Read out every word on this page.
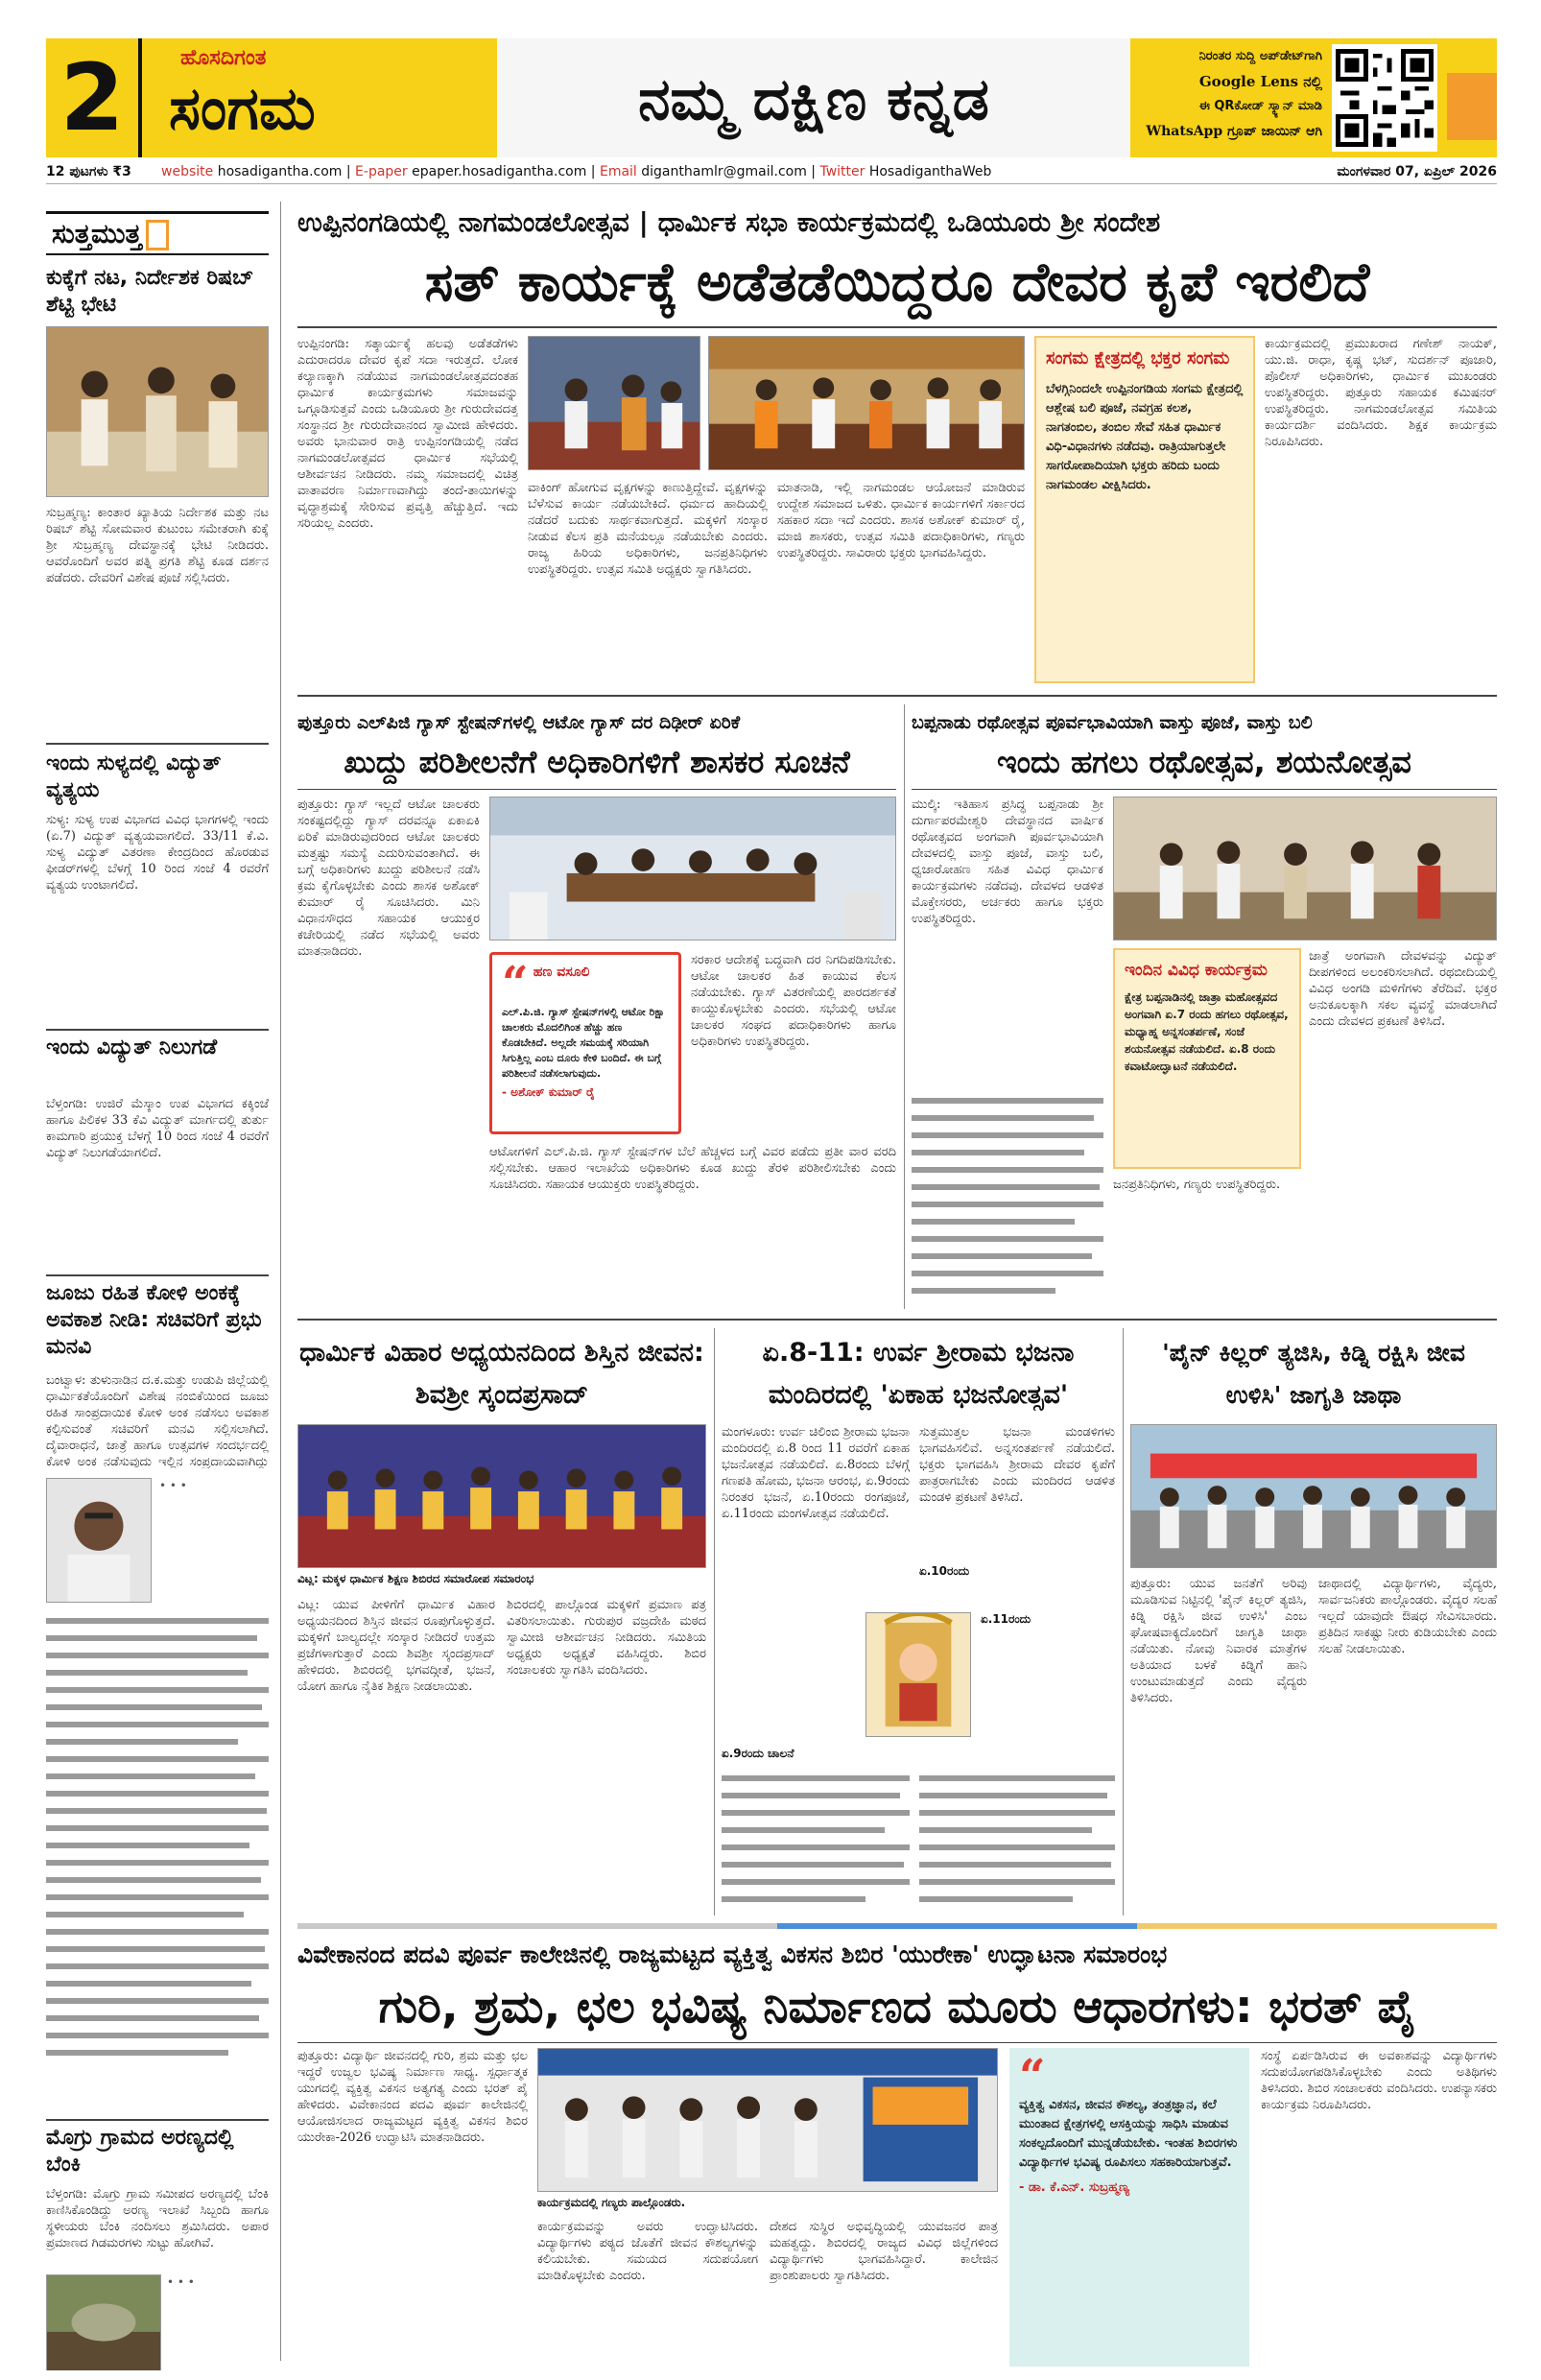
2	ಹೊಸದಿಗಂತ
ಸಂಗಮ	ನಮ್ಮ ದಕ್ಷಿಣ ಕನ್ನಡ
ನಿರಂತರ ಸುದ್ದಿ ಅಪ್‌ಡೇಟ್‌ಗಾಗಿ
Google Lens ನಲ್ಲಿ
ಈ QRಕೋಡ್ ಸ್ಕ್ಯಾನ್ ಮಾಡಿ
WhatsApp ಗ್ರೂಪ್ ಜಾಯಿನ್ ಆಗಿ
12 ಪುಟಗಳು ₹3	website hosadigantha.com | E-paper epaper.hosadigantha.com | Email diganthamlr@gmail.com | Twitter HosadiganthaWeb	ಮಂಗಳವಾರ 07, ಏಪ್ರಿಲ್ 2026
ಸುತ್ತಮುತ್ತ
ಕುಕ್ಕೆಗೆ ನಟ, ನಿರ್ದೇಶಕ ರಿಷಬ್ ಶೆಟ್ಟಿ ಭೇಟಿ
ಸುಬ್ರಹ್ಮಣ್ಯ: ಕಾಂತಾರ ಖ್ಯಾತಿಯ ನಿರ್ದೇಶಕ ಮತ್ತು ನಟ ರಿಷಬ್ ಶೆಟ್ಟಿ ಸೋಮವಾರ ಕುಟುಂಬ ಸಮೇತರಾಗಿ ಕುಕ್ಕೆ ಶ್ರೀ ಸುಬ್ರಹ್ಮಣ್ಯ ದೇವಸ್ಥಾನಕ್ಕೆ ಭೇಟಿ ನೀಡಿದರು. ಆವರೊಂದಿಗೆ ಅವರ ಪತ್ನಿ ಪ್ರಗತಿ ಶೆಟ್ಟಿ ಕೂಡ ದರ್ಶನ ಪಡೆದರು. ದೇವರಿಗೆ ವಿಶೇಷ ಪೂಜೆ ಸಲ್ಲಿಸಿದರು.
ಇಂದು ಸುಳ್ಯದಲ್ಲಿ ವಿದ್ಯುತ್ ವ್ಯತ್ಯಯ
ಸುಳ್ಯ: ಸುಳ್ಯ ಉಪ ವಿಭಾಗದ ವಿವಿಧ ಭಾಗಗಳಲ್ಲಿ ಇಂದು (ಏ.7) ವಿದ್ಯುತ್ ವ್ಯತ್ಯಯವಾಗಲಿದೆ. 33/11 ಕೆ.ವಿ. ಸುಳ್ಯ ವಿದ್ಯುತ್ ವಿತರಣಾ ಕೇಂದ್ರದಿಂದ ಹೊರಡುವ ಫೀಡರ್‌ಗಳಲ್ಲಿ ಬೆಳಗ್ಗೆ 10 ರಿಂದ ಸಂಜೆ 4 ರವರೆಗೆ ವ್ಯತ್ಯಯ ಉಂಟಾಗಲಿದೆ.
ಇಂದು ವಿದ್ಯುತ್ ನಿಲುಗಡೆ
ಬೆಳ್ತಂಗಡಿ: ಉಜಿರೆ ಮೆಸ್ಕಾಂ ಉಪ ವಿಭಾಗದ ಕಕ್ಕಿಂಜೆ ಹಾಗೂ ಪಿಲಿಕಳ 33 ಕೆವಿ ವಿದ್ಯುತ್ ಮಾರ್ಗದಲ್ಲಿ ತುರ್ತು ಕಾಮಗಾರಿ ಪ್ರಯುಕ್ತ ಬೆಳಗ್ಗೆ 10 ರಿಂದ ಸಂಜೆ 4 ರವರೆಗೆ ವಿದ್ಯುತ್ ನಿಲುಗಡೆಯಾಗಲಿದೆ.
ಜೂಜು ರಹಿತ ಕೋಳಿ ಅಂಕಕ್ಕೆ ಅವಕಾಶ ನೀಡಿ: ಸಚಿವರಿಗೆ ಪ್ರಭು ಮನವಿ
ಬಂಟ್ವಾಳ: ತುಳುನಾಡಿನ ದ.ಕ.ಮತ್ತು ಉಡುಪಿ ಜಿಲ್ಲೆಯಲ್ಲಿ ಧಾರ್ಮಿಕತೆಯೊಂದಿಗೆ ವಿಶೇಷ ನಂಬಿಕೆಯಿಂದ ಜೂಜು ರಹಿತ ಸಾಂಪ್ರದಾಯಿಕ ಕೋಳಿ ಅಂಕ ನಡೆಸಲು ಅವಕಾಶ ಕಲ್ಪಿಸುವಂತೆ ಸಚಿವರಿಗೆ ಮನವಿ ಸಲ್ಲಿಸಲಾಗಿದೆ. ದೈವಾರಾಧನೆ, ಜಾತ್ರೆ ಹಾಗೂ ಉತ್ಸವಗಳ ಸಂದರ್ಭದಲ್ಲಿ ಕೋಳಿ ಅಂಕ ನಡೆಸುವುದು ಇಲ್ಲಿನ ಸಂಪ್ರದಾಯವಾಗಿದ್ದು
• • •
ಮೊಗ್ರು ಗ್ರಾಮದ ಅರಣ್ಯದಲ್ಲಿ ಬೆಂಕಿ
ಬೆಳ್ತಂಗಡಿ: ಮೊಗ್ರು ಗ್ರಾಮ ಸಮೀಪದ ಅರಣ್ಯದಲ್ಲಿ ಬೆಂಕಿ ಕಾಣಿಸಿಕೊಂಡಿದ್ದು ಅರಣ್ಯ ಇಲಾಖೆ ಸಿಬ್ಬಂದಿ ಹಾಗೂ ಸ್ಥಳೀಯರು ಬೆಂಕಿ ನಂದಿಸಲು ಶ್ರಮಿಸಿದರು. ಅಪಾರ ಪ್ರಮಾಣದ ಗಿಡಮರಗಳು ಸುಟ್ಟು ಹೋಗಿವೆ.
• • •
ಉಪ್ಪಿನಂಗಡಿಯಲ್ಲಿ ನಾಗಮಂಡಲೋತ್ಸವ | ಧಾರ್ಮಿಕ ಸಭಾ ಕಾರ್ಯಕ್ರಮದಲ್ಲಿ ಒಡಿಯೂರು ಶ್ರೀ ಸಂದೇಶ
ಸತ್ ಕಾರ್ಯಕ್ಕೆ ಅಡೆತಡೆಯಿದ್ದರೂ ದೇವರ ಕೃಪೆ ಇರಲಿದೆ
ಉಪ್ಪಿನಂಗಡಿ: ಸತ್ಕಾರ್ಯಕ್ಕೆ ಹಲವು ಅಡೆತಡೆಗಳು ಎದುರಾದರೂ ದೇವರ ಕೃಪೆ ಸದಾ ಇರುತ್ತದೆ. ಲೋಕ ಕಲ್ಯಾಣಕ್ಕಾಗಿ ನಡೆಯುವ ನಾಗಮಂಡಲೋತ್ಸವದಂತಹ ಧಾರ್ಮಿಕ ಕಾರ್ಯಕ್ರಮಗಳು ಸಮಾಜವನ್ನು ಒಗ್ಗೂಡಿಸುತ್ತವೆ ಎಂದು ಒಡಿಯೂರು ಶ್ರೀ ಗುರುದೇವದತ್ತ ಸಂಸ್ಥಾನದ ಶ್ರೀ ಗುರುದೇವಾನಂದ ಸ್ವಾಮೀಜಿ ಹೇಳಿದರು. ಅವರು ಭಾನುವಾರ ರಾತ್ರಿ ಉಪ್ಪಿನಂಗಡಿಯಲ್ಲಿ ನಡೆದ ನಾಗಮಂಡಲೋತ್ಸವದ ಧಾರ್ಮಿಕ ಸಭೆಯಲ್ಲಿ ಆಶೀರ್ವಚನ ನೀಡಿದರು. ನಮ್ಮ ಸಮಾಜದಲ್ಲಿ ವಿಚಿತ್ರ ವಾತಾವರಣ ನಿರ್ಮಾಣವಾಗಿದ್ದು ತಂದೆ-ತಾಯಿಗಳನ್ನು ವೃದ್ಧಾಶ್ರಮಕ್ಕೆ ಸೇರಿಸುವ ಪ್ರವೃತ್ತಿ ಹೆಚ್ಚುತ್ತಿದೆ. ಇದು ಸರಿಯಲ್ಲ ಎಂದರು.
ವಾಕಿಂಗ್ ಹೋಗುವ ವೃಕ್ಷಗಳನ್ನು ಕಾಣುತ್ತಿದ್ದೇವೆ. ವೃಕ್ಷಗಳನ್ನು ಬೆಳೆಸುವ ಕಾರ್ಯ ನಡೆಯಬೇಕಿದೆ. ಧರ್ಮದ ಹಾದಿಯಲ್ಲಿ ನಡೆದರೆ ಬದುಕು ಸಾರ್ಥಕವಾಗುತ್ತದೆ. ಮಕ್ಕಳಿಗೆ ಸಂಸ್ಕಾರ ನೀಡುವ ಕೆಲಸ ಪ್ರತಿ ಮನೆಯಲ್ಲೂ ನಡೆಯಬೇಕು ಎಂದರು. ರಾಜ್ಯ ಹಿರಿಯ ಅಧಿಕಾರಿಗಳು, ಜನಪ್ರತಿನಿಧಿಗಳು ಉಪಸ್ಥಿತರಿದ್ದರು. ಉತ್ಸವ ಸಮಿತಿ ಅಧ್ಯಕ್ಷರು ಸ್ವಾಗತಿಸಿದರು.
ಮಾತನಾಡಿ, ಇಲ್ಲಿ ನಾಗಮಂಡಲ ಆಯೋಜನೆ ಮಾಡಿರುವ ಉದ್ದೇಶ ಸಮಾಜದ ಒಳಿತು. ಧಾರ್ಮಿಕ ಕಾರ್ಯಗಳಿಗೆ ಸರ್ಕಾರದ ಸಹಕಾರ ಸದಾ ಇದೆ ಎಂದರು. ಶಾಸಕ ಅಶೋಕ್ ಕುಮಾರ್ ರೈ, ಮಾಜಿ ಶಾಸಕರು, ಉತ್ಸವ ಸಮಿತಿ ಪದಾಧಿಕಾರಿಗಳು, ಗಣ್ಯರು ಉಪಸ್ಥಿತರಿದ್ದರು. ಸಾವಿರಾರು ಭಕ್ತರು ಭಾಗವಹಿಸಿದ್ದರು.
ಸಂಗಮ ಕ್ಷೇತ್ರದಲ್ಲಿ ಭಕ್ತರ ಸಂಗಮ
ಬೆಳಗ್ಗಿನಿಂದಲೇ ಉಪ್ಪಿನಂಗಡಿಯ ಸಂಗಮ ಕ್ಷೇತ್ರದಲ್ಲಿ ಆಶ್ಲೇಷ ಬಲಿ ಪೂಜೆ, ನವಗ್ರಹ ಕಲಶ, ನಾಗತಂಬಿಲ, ತಂಬಿಲ ಸೇವೆ ಸಹಿತ ಧಾರ್ಮಿಕ ವಿಧಿ-ವಿಧಾನಗಳು ನಡೆದವು. ರಾತ್ರಿಯಾಗುತ್ತಲೇ ಸಾಗರೋಪಾದಿಯಾಗಿ ಭಕ್ತರು ಹರಿದು ಬಂದು ನಾಗಮಂಡಲ ವೀಕ್ಷಿಸಿದರು.
ಕಾರ್ಯಕ್ರಮದಲ್ಲಿ ಪ್ರಮುಖರಾದ ಗಣೇಶ್ ನಾಯಕ್, ಯು.ಜಿ. ರಾಧಾ, ಕೃಷ್ಣ ಭಟ್, ಸುದರ್ಶನ್ ಪೂಜಾರಿ, ಪೊಲೀಸ್ ಅಧಿಕಾರಿಗಳು, ಧಾರ್ಮಿಕ ಮುಖಂಡರು ಉಪಸ್ಥಿತರಿದ್ದರು. ಪುತ್ತೂರು ಸಹಾಯಕ ಕಮಿಷನರ್ ಉಪಸ್ಥಿತರಿದ್ದರು. ನಾಗಮಂಡಲೋತ್ಸವ ಸಮಿತಿಯ ಕಾರ್ಯದರ್ಶಿ ವಂದಿಸಿದರು. ಶಿಕ್ಷಕ ಕಾರ್ಯಕ್ರಮ ನಿರೂಪಿಸಿದರು.
ಪುತ್ತೂರು ಎಲ್‌ಪಿಜಿ ಗ್ಯಾಸ್ ಸ್ಟೇಷನ್‌ಗಳಲ್ಲಿ ಆಟೋ ಗ್ಯಾಸ್ ದರ ದಿಢೀರ್ ಏರಿಕೆ
ಖುದ್ದು ಪರಿಶೀಲನೆಗೆ ಅಧಿಕಾರಿಗಳಿಗೆ ಶಾಸಕರ ಸೂಚನೆ
ಪುತ್ತೂರು: ಗ್ಯಾಸ್ ಇಲ್ಲದೆ ಆಟೋ ಚಾಲಕರು ಸಂಕಷ್ಟದಲ್ಲಿದ್ದು ಗ್ಯಾಸ್ ದರವನ್ನೂ ಏಕಾಏಕಿ ಏರಿಕೆ ಮಾಡಿರುವುದರಿಂದ ಆಟೋ ಚಾಲಕರು ಮತ್ತಷ್ಟು ಸಮಸ್ಯೆ ಎದುರಿಸುವಂತಾಗಿದೆ. ಈ ಬಗ್ಗೆ ಅಧಿಕಾರಿಗಳು ಖುದ್ದು ಪರಿಶೀಲನೆ ನಡೆಸಿ ಕ್ರಮ ಕೈಗೊಳ್ಳಬೇಕು ಎಂದು ಶಾಸಕ ಅಶೋಕ್ ಕುಮಾರ್ ರೈ ಸೂಚಿಸಿದರು. ಮಿನಿ ವಿಧಾನಸೌಧದ ಸಹಾಯಕ ಆಯುಕ್ತರ ಕಚೇರಿಯಲ್ಲಿ ನಡೆದ ಸಭೆಯಲ್ಲಿ ಅವರು ಮಾತನಾಡಿದರು.
“ ಹಣ ವಸೂಲಿ
ಎಲ್.ಪಿ.ಜಿ. ಗ್ಯಾಸ್ ಸ್ಟೇಷನ್‌ಗಳಲ್ಲಿ ಆಟೋ ರಿಕ್ಷಾ ಚಾಲಕರು ಮೊದಲಿಗಿಂತ ಹೆಚ್ಚು ಹಣ ಕೊಡಬೇಕಿದೆ. ಅಲ್ಲದೇ ಸಮಯಕ್ಕೆ ಸರಿಯಾಗಿ ಸಿಗುತ್ತಿಲ್ಲ ಎಂಬ ದೂರು ಕೇಳಿ ಬಂದಿದೆ. ಈ ಬಗ್ಗೆ ಪರಿಶೀಲನೆ ನಡೆಸಲಾಗುವುದು.
- ಅಶೋಕ್ ಕುಮಾರ್ ರೈ
ಸರಕಾರ ಆದೇಶಕ್ಕೆ ಬದ್ಧವಾಗಿ ದರ ನಿಗದಿಪಡಿಸಬೇಕು. ಆಟೋ ಚಾಲಕರ ಹಿತ ಕಾಯುವ ಕೆಲಸ ನಡೆಯಬೇಕು. ಗ್ಯಾಸ್ ವಿತರಣೆಯಲ್ಲಿ ಪಾರದರ್ಶಕತೆ ಕಾಯ್ದುಕೊಳ್ಳಬೇಕು ಎಂದರು. ಸಭೆಯಲ್ಲಿ ಆಟೋ ಚಾಲಕರ ಸಂಘದ ಪದಾಧಿಕಾರಿಗಳು ಹಾಗೂ ಅಧಿಕಾರಿಗಳು ಉಪಸ್ಥಿತರಿದ್ದರು.
ಆಟೋಗಳಿಗೆ ಎಲ್.ಪಿ.ಜಿ. ಗ್ಯಾಸ್ ಸ್ಟೇಷನ್‌ಗಳ ಬೆಲೆ ಹೆಚ್ಚಳದ ಬಗ್ಗೆ ವಿವರ ಪಡೆದು ಪ್ರತೀ ವಾರ ವರದಿ ಸಲ್ಲಿಸಬೇಕು. ಆಹಾರ ಇಲಾಖೆಯ ಅಧಿಕಾರಿಗಳು ಕೂಡ ಖುದ್ದು ತೆರಳಿ ಪರಿಶೀಲಿಸಬೇಕು ಎಂದು ಸೂಚಿಸಿದರು. ಸಹಾಯಕ ಆಯುಕ್ತರು ಉಪಸ್ಥಿತರಿದ್ದರು.
ಬಪ್ಪನಾಡು ರಥೋತ್ಸವ ಪೂರ್ವಭಾವಿಯಾಗಿ ವಾಸ್ತು ಪೂಜೆ, ವಾಸ್ತು ಬಲಿ
ಇಂದು ಹಗಲು ರಥೋತ್ಸವ, ಶಯನೋತ್ಸವ
ಮುಲ್ಕಿ: ಇತಿಹಾಸ ಪ್ರಸಿದ್ಧ ಬಪ್ಪನಾಡು ಶ್ರೀ ದುರ್ಗಾಪರಮೇಶ್ವರಿ ದೇವಸ್ಥಾನದ ವಾರ್ಷಿಕ ರಥೋತ್ಸವದ ಅಂಗವಾಗಿ ಪೂರ್ವಭಾವಿಯಾಗಿ ದೇವಳದಲ್ಲಿ ವಾಸ್ತು ಪೂಜೆ, ವಾಸ್ತು ಬಲಿ, ಧ್ವಜಾರೋಹಣ ಸಹಿತ ವಿವಿಧ ಧಾರ್ಮಿಕ ಕಾರ್ಯಕ್ರಮಗಳು ನಡೆದವು. ದೇವಳದ ಆಡಳಿತ ಮೊಕ್ತೇಸರರು, ಅರ್ಚಕರು ಹಾಗೂ ಭಕ್ತರು ಉಪಸ್ಥಿತರಿದ್ದರು.
ಇಂದಿನ ವಿವಿಧ ಕಾರ್ಯಕ್ರಮ
ಕ್ಷೇತ್ರ ಬಪ್ಪನಾಡಿನಲ್ಲಿ ಜಾತ್ರಾ ಮಹೋತ್ಸವದ ಅಂಗವಾಗಿ ಏ.7 ರಂದು ಹಗಲು ರಥೋತ್ಸವ, ಮಧ್ಯಾಹ್ನ ಅನ್ನಸಂತರ್ಪಣೆ, ಸಂಜೆ ಶಯನೋತ್ಸವ ನಡೆಯಲಿದೆ. ಏ.8 ರಂದು ಕವಾಟೋದ್ಘಾಟನೆ ನಡೆಯಲಿದೆ.
ಜಾತ್ರೆ ಅಂಗವಾಗಿ ದೇವಳವನ್ನು ವಿದ್ಯುತ್ ದೀಪಗಳಿಂದ ಅಲಂಕರಿಸಲಾಗಿದೆ. ರಥಬೀದಿಯಲ್ಲಿ ವಿವಿಧ ಅಂಗಡಿ ಮಳಿಗೆಗಳು ತೆರೆದಿವೆ. ಭಕ್ತರ ಅನುಕೂಲಕ್ಕಾಗಿ ಸಕಲ ವ್ಯವಸ್ಥೆ ಮಾಡಲಾಗಿದೆ ಎಂದು ದೇವಳದ ಪ್ರಕಟಣೆ ತಿಳಿಸಿದೆ.
ಜನಪ್ರತಿನಿಧಿಗಳು, ಗಣ್ಯರು ಉಪಸ್ಥಿತರಿದ್ದರು.
ಧಾರ್ಮಿಕ ವಿಹಾರ ಅಧ್ಯಯನದಿಂದ ಶಿಸ್ತಿನ ಜೀವನ: ಶಿವಶ್ರೀ ಸ್ಕಂದಪ್ರಸಾದ್
ವಿಟ್ಲ: ಮಕ್ಕಳ ಧಾರ್ಮಿಕ ಶಿಕ್ಷಣ ಶಿಬಿರದ ಸಮಾರೋಪ ಸಮಾರಂಭ
ವಿಟ್ಲ: ಯುವ ಪೀಳಿಗೆಗೆ ಧಾರ್ಮಿಕ ವಿಹಾರ ಅಧ್ಯಯನದಿಂದ ಶಿಸ್ತಿನ ಜೀವನ ರೂಪುಗೊಳ್ಳುತ್ತದೆ. ಮಕ್ಕಳಿಗೆ ಬಾಲ್ಯದಲ್ಲೇ ಸಂಸ್ಕಾರ ನೀಡಿದರೆ ಉತ್ತಮ ಪ್ರಜೆಗಳಾಗುತ್ತಾರೆ ಎಂದು ಶಿವಶ್ರೀ ಸ್ಕಂದಪ್ರಸಾದ್ ಹೇಳಿದರು. ಶಿಬಿರದಲ್ಲಿ ಭಗವದ್ಗೀತೆ, ಭಜನೆ, ಯೋಗ ಹಾಗೂ ನೈತಿಕ ಶಿಕ್ಷಣ ನೀಡಲಾಯಿತು.
ಶಿಬಿರದಲ್ಲಿ ಪಾಲ್ಗೊಂಡ ಮಕ್ಕಳಿಗೆ ಪ್ರಮಾಣ ಪತ್ರ ವಿತರಿಸಲಾಯಿತು. ಗುರುಪುರ ವಜ್ರದೇಹಿ ಮಠದ ಸ್ವಾಮೀಜಿ ಆಶೀರ್ವಚನ ನೀಡಿದರು. ಸಮಿತಿಯ ಅಧ್ಯಕ್ಷರು ಅಧ್ಯಕ್ಷತೆ ವಹಿಸಿದ್ದರು. ಶಿಬಿರ ಸಂಚಾಲಕರು ಸ್ವಾಗತಿಸಿ ವಂದಿಸಿದರು.
ಏ.8-11: ಉರ್ವ ಶ್ರೀರಾಮ ಭಜನಾ ಮಂದಿರದಲ್ಲಿ 'ಏಕಾಹ ಭಜನೋತ್ಸವ'
ಮಂಗಳೂರು: ಉರ್ವ ಚಿಲಿಂಬಿ ಶ್ರೀರಾಮ ಭಜನಾ ಮಂದಿರದಲ್ಲಿ ಏ.8 ರಿಂದ 11 ರವರೆಗೆ ಏಕಾಹ ಭಜನೋತ್ಸವ ನಡೆಯಲಿದೆ. ಏ.8ರಂದು ಬೆಳಗ್ಗೆ ಗಣಪತಿ ಹೋಮ, ಭಜನಾ ಆರಂಭ, ಏ.9ರಂದು ನಿರಂತರ ಭಜನೆ, ಏ.10ರಂದು ರಂಗಪೂಜೆ, ಏ.11ರಂದು ಮಂಗಳೋತ್ಸವ ನಡೆಯಲಿದೆ.
ಸುತ್ತಮುತ್ತಲ ಭಜನಾ ಮಂಡಳಿಗಳು ಭಾಗವಹಿಸಲಿವೆ. ಅನ್ನಸಂತರ್ಪಣೆ ನಡೆಯಲಿದೆ. ಭಕ್ತರು ಭಾಗವಹಿಸಿ ಶ್ರೀರಾಮ ದೇವರ ಕೃಪೆಗೆ ಪಾತ್ರರಾಗಬೇಕು ಎಂದು ಮಂದಿರದ ಆಡಳಿತ ಮಂಡಳಿ ಪ್ರಕಟಣೆ ತಿಳಿಸಿದೆ.
ಏ.10ರಂದು
ಏ.11ರಂದು
ಏ.9ರಂದು ಚಾಲನೆ
'ಪೈನ್ ಕಿಲ್ಲರ್ ತ್ಯಜಿಸಿ, ಕಿಡ್ನಿ ರಕ್ಷಿಸಿ ಜೀವ ಉಳಿಸಿ' ಜಾಗೃತಿ ಜಾಥಾ
ಪುತ್ತೂರು: ಯುವ ಜನತೆಗೆ ಅರಿವು ಮೂಡಿಸುವ ನಿಟ್ಟಿನಲ್ಲಿ 'ಪೈನ್ ಕಿಲ್ಲರ್ ತ್ಯಜಿಸಿ, ಕಿಡ್ನಿ ರಕ್ಷಿಸಿ ಜೀವ ಉಳಿಸಿ' ಎಂಬ ಘೋಷವಾಕ್ಯದೊಂದಿಗೆ ಜಾಗೃತಿ ಜಾಥಾ ನಡೆಯಿತು. ನೋವು ನಿವಾರಕ ಮಾತ್ರೆಗಳ ಅತಿಯಾದ ಬಳಕೆ ಕಿಡ್ನಿಗೆ ಹಾನಿ ಉಂಟುಮಾಡುತ್ತದೆ ಎಂದು ವೈದ್ಯರು ತಿಳಿಸಿದರು.
ಜಾಥಾದಲ್ಲಿ ವಿದ್ಯಾರ್ಥಿಗಳು, ವೈದ್ಯರು, ಸಾರ್ವಜನಿಕರು ಪಾಲ್ಗೊಂಡರು. ವೈದ್ಯರ ಸಲಹೆ ಇಲ್ಲದೆ ಯಾವುದೇ ಔಷಧ ಸೇವಿಸಬಾರದು. ಪ್ರತಿದಿನ ಸಾಕಷ್ಟು ನೀರು ಕುಡಿಯಬೇಕು ಎಂದು ಸಲಹೆ ನೀಡಲಾಯಿತು.
ವಿವೇಕಾನಂದ ಪದವಿ ಪೂರ್ವ ಕಾಲೇಜಿನಲ್ಲಿ ರಾಜ್ಯಮಟ್ಟದ ವ್ಯಕ್ತಿತ್ವ ವಿಕಸನ ಶಿಬಿರ 'ಯುರೇಕಾ' ಉದ್ಘಾಟನಾ ಸಮಾರಂಭ
ಗುರಿ, ಶ್ರಮ, ಛಲ ಭವಿಷ್ಯ ನಿರ್ಮಾಣದ ಮೂರು ಆಧಾರಗಳು: ಭರತ್ ಪೈ
ಪುತ್ತೂರು: ವಿದ್ಯಾರ್ಥಿ ಜೀವನದಲ್ಲಿ ಗುರಿ, ಶ್ರಮ ಮತ್ತು ಛಲ ಇದ್ದರೆ ಉಜ್ವಲ ಭವಿಷ್ಯ ನಿರ್ಮಾಣ ಸಾಧ್ಯ. ಸ್ಪರ್ಧಾತ್ಮಕ ಯುಗದಲ್ಲಿ ವ್ಯಕ್ತಿತ್ವ ವಿಕಸನ ಅತ್ಯಗತ್ಯ ಎಂದು ಭರತ್ ಪೈ ಹೇಳಿದರು. ವಿವೇಕಾನಂದ ಪದವಿ ಪೂರ್ವ ಕಾಲೇಜಿನಲ್ಲಿ ಆಯೋಜಿಸಲಾದ ರಾಜ್ಯಮಟ್ಟದ ವ್ಯಕ್ತಿತ್ವ ವಿಕಸನ ಶಿಬಿರ ಯುರೇಕಾ-2026 ಉದ್ಘಾಟಿಸಿ ಮಾತನಾಡಿದರು.
ಕಾರ್ಯಕ್ರಮದಲ್ಲಿ ಗಣ್ಯರು ಪಾಲ್ಗೊಂಡರು.
ಕಾರ್ಯಕ್ರಮವನ್ನು ಅವರು ಉದ್ಘಾಟಿಸಿದರು. ವಿದ್ಯಾರ್ಥಿಗಳು ಪಠ್ಯದ ಜೊತೆಗೆ ಜೀವನ ಕೌಶಲ್ಯಗಳನ್ನು ಕಲಿಯಬೇಕು. ಸಮಯದ ಸದುಪಯೋಗ ಮಾಡಿಕೊಳ್ಳಬೇಕು ಎಂದರು.
ದೇಶದ ಸುಸ್ಥಿರ ಅಭಿವೃದ್ಧಿಯಲ್ಲಿ ಯುವಜನರ ಪಾತ್ರ ಮಹತ್ವದ್ದು. ಶಿಬಿರದಲ್ಲಿ ರಾಜ್ಯದ ವಿವಿಧ ಜಿಲ್ಲೆಗಳಿಂದ ವಿದ್ಯಾರ್ಥಿಗಳು ಭಾಗವಹಿಸಿದ್ದಾರೆ. ಕಾಲೇಜಿನ ಪ್ರಾಂಶುಪಾಲರು ಸ್ವಾಗತಿಸಿದರು.
“
ವ್ಯಕ್ತಿತ್ವ ವಿಕಸನ, ಜೀವನ ಕೌಶಲ್ಯ, ತಂತ್ರಜ್ಞಾನ, ಕಲೆ ಮುಂತಾದ ಕ್ಷೇತ್ರಗಳಲ್ಲಿ ಆಸಕ್ತಿಯನ್ನು ಸಾಧಿಸಿ ಮಾಡುವ ಸಂಕಲ್ಪದೊಂದಿಗೆ ಮುನ್ನಡೆಯಬೇಕು. ಇಂತಹ ಶಿಬಿರಗಳು ವಿದ್ಯಾರ್ಥಿಗಳ ಭವಿಷ್ಯ ರೂಪಿಸಲು ಸಹಕಾರಿಯಾಗುತ್ತವೆ.
- ಡಾ. ಕೆ.ಎನ್. ಸುಬ್ರಹ್ಮಣ್ಯ
ಸಂಸ್ಥೆ ಏರ್ಪಡಿಸಿರುವ ಈ ಅವಕಾಶವನ್ನು ವಿದ್ಯಾರ್ಥಿಗಳು ಸದುಪಯೋಗಪಡಿಸಿಕೊಳ್ಳಬೇಕು ಎಂದು ಅತಿಥಿಗಳು ತಿಳಿಸಿದರು. ಶಿಬಿರ ಸಂಚಾಲಕರು ವಂದಿಸಿದರು. ಉಪನ್ಯಾಸಕರು ಕಾರ್ಯಕ್ರಮ ನಿರೂಪಿಸಿದರು.
